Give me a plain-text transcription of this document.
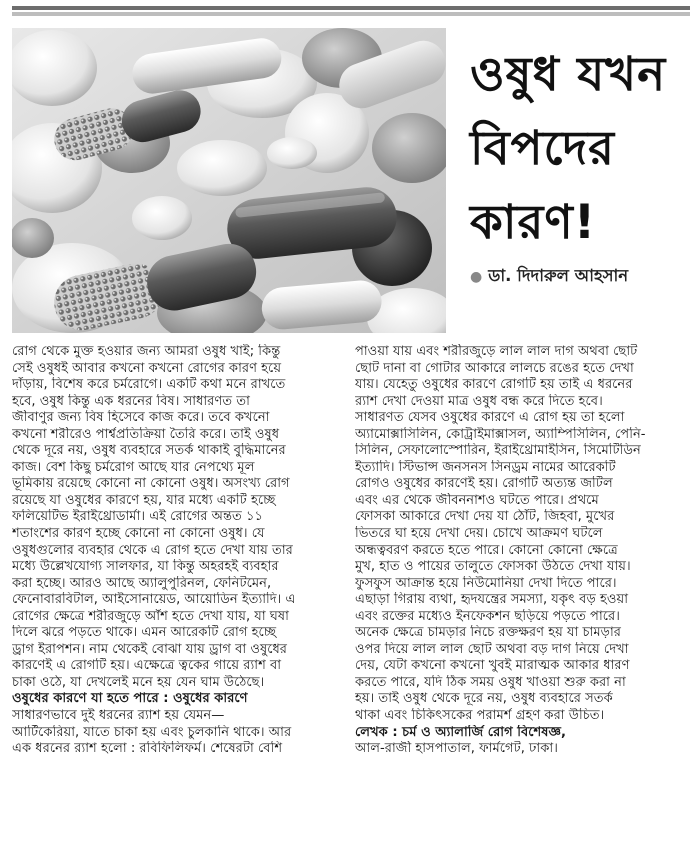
ওষুধ যখন
বিপদের
কারণ!
● ডা. দিদারুল আহসান
রোগ থেকে মুক্ত হওয়ার জন্য আমরা ওষুধ খাই; কিন্তু
সেই ওষুধই আবার কখনো কখনো রোগের কারণ হয়ে
দাঁড়ায়, বিশেষ করে চর্মরোগে। একটি কথা মনে রাখতে
হবে, ওষুধ কিন্তু এক ধরনের বিষ। সাধারণত তা
জীবাণুর জন্য বিষ হিসেবে কাজ করে। তবে কখনো
কখনো শরীরেও পার্শ্বপ্রতিক্রিয়া তৈরি করে। তাই ওষুধ
থেকে দূরে নয়, ওষুধ ব্যবহারে সতর্ক থাকাই বুদ্ধিমানের
কাজ। বেশ কিছু চর্মরোগ আছে যার নেপথ্যে মূল
ভূমিকায় রয়েছে কোনো না কোনো ওষুধ। অসংখ্য রোগ
রয়েছে যা ওষুধের কারণে হয়, যার মধ্যে একটি হচ্ছে
ফলিয়েটিভ ইরাইথ্রোডার্মা। এই রোগের অন্তত ১১
শতাংশের কারণ হচ্ছে কোনো না কোনো ওষুধ। যে
ওষুধগুলোর ব্যবহার থেকে এ রোগ হতে দেখা যায় তার
মধ্যে উল্লেখযোগ্য সালফার, যা কিন্তু অহরহই ব্যবহার
করা হচ্ছে। আরও আছে অ্যালুপুরিনল, ফেনিটমেন,
ফেনোবারবিটাল, আইসোনায়েড, আয়োডিন ইত্যাদি। এ
রোগের ক্ষেত্রে শরীরজুড়ে আঁশ হতে দেখা যায়, যা ঘষা
দিলে ঝরে পড়তে থাকে। এমন আরেকটি রোগ হচ্ছে
ড্রাগ ইরাপশন। নাম থেকেই বোঝা যায় ড্রাগ বা ওষুধের
কারণেই এ রোগটি হয়। এক্ষেত্রে ত্বকের গায়ে র‌্যাশ বা
চাকা ওঠে, যা দেখলেই মনে হয় যেন ঘাম উঠেছে।
ওষুধের কারণে যা হতে পারে : ওষুধের কারণে
সাধারণভাবে দুই ধরনের র‌্যাশ হয় যেমন—
আর্টিকেরিয়া, যাতে চাকা হয় এবং চুলকানি থাকে। আর
এক ধরনের র‌্যাশ হলো : রবিফিলিফর্ম। শেষেরটা বেশি
পাওয়া যায় এবং শরীরজুড়ে লাল লাল দাগ অথবা ছোট
ছোট দানা বা গোটার আকারে লালচে রঙের হতে দেখা
যায়। যেহেতু ওষুধের কারণে রোগটি হয় তাই এ ধরনের
র‌্যাশ দেখা দেওয়া মাত্র ওষুধ বন্ধ করে দিতে হবে।
সাধারণত যেসব ওষুধের কারণে এ রোগ হয় তা হলো
অ্যামোক্সাসিলিন, কোট্রাইমাক্সাসল, অ্যাম্পিসিলিন, পেনি-
সিলিন, সেফালোস্পোরিন, ইরাইথ্রোমাইসিন, সিমেটিডিন
ইত্যাদি। স্টিভান্স জনসনস সিনড্রম নামের আরেকটি
রোগও ওষুধের কারণেই হয়। রোগটি অত্যন্ত জটিল
এবং এর থেকে জীবননাশও ঘটতে পারে। প্রথমে
ফোসকা আকারে দেখা দেয় যা ঠোঁট, জিহবা, মুখের
ভিতরে ঘা হয়ে দেখা দেয়। চোখে আক্রমণ ঘটলে
অন্ধত্ববরণ করতে হতে পারে। কোনো কোনো ক্ষেত্রে
মুখ, হাত ও পায়ের তালুতে ফোসকা উঠতে দেখা যায়।
ফুসফুস আক্রান্ত হয়ে নিউমোনিয়া দেখা দিতে পারে।
এছাড়া গিরায় ব্যথা, হৃদযন্ত্রের সমস্যা, যকৃৎ বড় হওয়া
এবং রক্তের মধ্যেও ইনফেকশন ছড়িয়ে পড়তে পারে।
অনেক ক্ষেত্রে চামড়ার নিচে রক্তক্ষরণ হয় যা চামড়ার
ওপর দিয়ে লাল লাল ছোট অথবা বড় দাগ নিয়ে দেখা
দেয়, যেটা কখনো কখনো খুবই মারাত্মক আকার ধারণ
করতে পারে, যদি ঠিক সময় ওষুধ খাওয়া শুরু করা না
হয়। তাই ওষুধ থেকে দূরে নয়, ওষুধ ব্যবহারে সতর্ক
থাকা এবং চিকিৎসকের পরামর্শ গ্রহণ করা উচিত।
লেখক : চর্ম ও অ্যালার্জি রোগ বিশেষজ্ঞ,
আল-রাজী হাসপাতাল, ফার্মগেট, ঢাকা।
